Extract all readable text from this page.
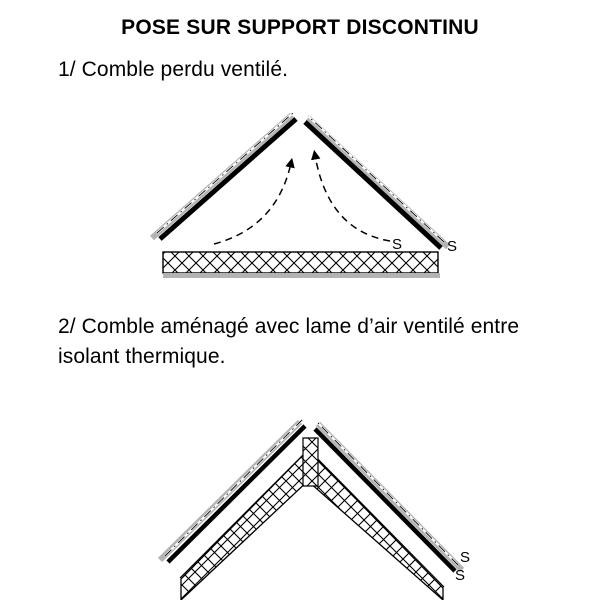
POSE SUR SUPPORT DISCONTINU
1/ Comble perdu ventilé.
S	S
2/ Comble aménagé avec lame d’air ventilé entre isolant thermique.
S
S
